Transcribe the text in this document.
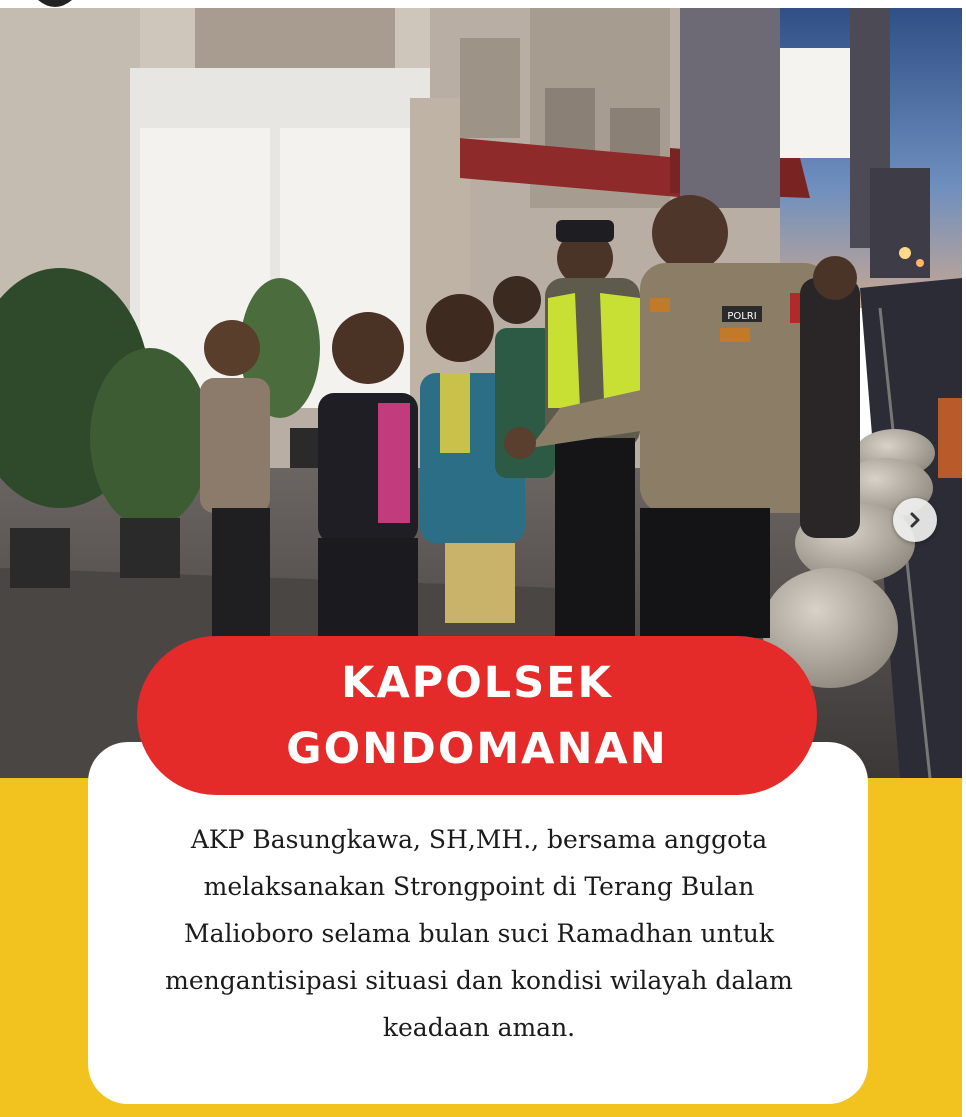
POLRI
AKP Basungkawa, SH,MH., bersama anggota
melaksanakan Strongpoint di Terang Bulan
Malioboro selama bulan suci Ramadhan untuk
mengantisipasi situasi dan kondisi wilayah dalam
keadaan aman.
KAPOLSEK
GONDOMANAN
